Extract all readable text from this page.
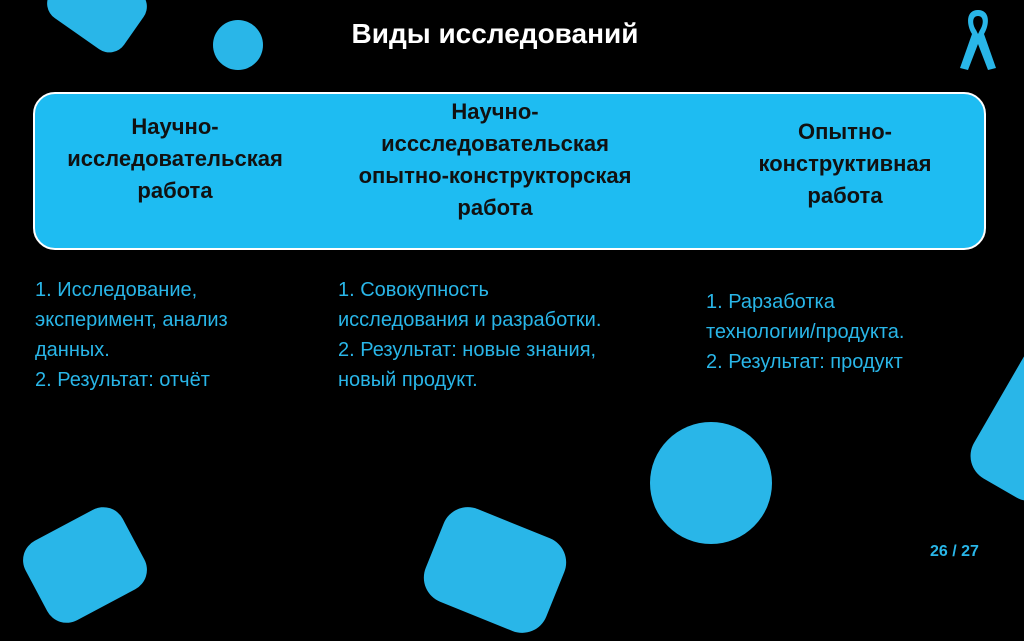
Виды исследований
Научно-
исследовательская
работа
Научно-
иссследовательская
опытно-конструкторская
работа
Опытно-
конструктивная
работа
1. Исследование,
эксперимент, анализ
данных.
2. Результат: отчёт
1. Совокупность
исследования и разработки.
2. Результат: новые знания,
новый продукт.
1. Рарзаботка
технологии/продукта.
2. Результат: продукт
26 / 27
